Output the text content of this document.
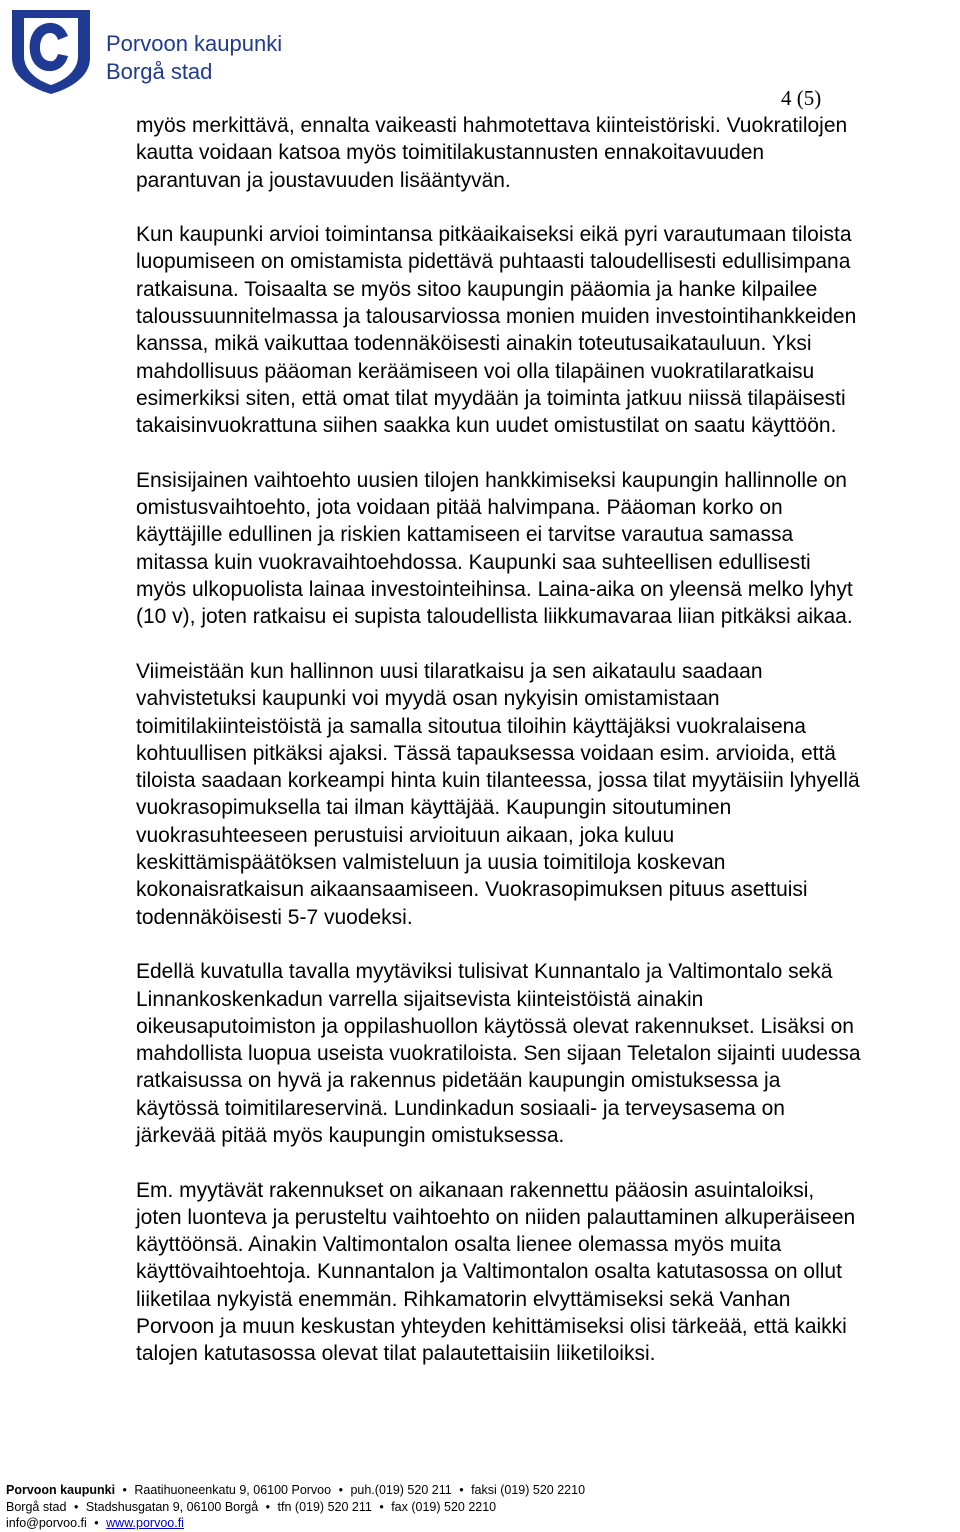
Porvoon kaupunki
Borgå stad
4 (5)

myös merkittävä, ennalta vaikeasti hahmotettava kiinteistöriski. Vuokratilojen
kautta voidaan katsoa myös toimitilakustannusten ennakoitavuuden
parantuvan ja joustavuuden lisääntyvän.

Kun kaupunki arvioi toimintansa pitkäaikaiseksi eikä pyri varautumaan tiloista
luopumiseen on omistamista pidettävä puhtaasti taloudellisesti edullisimpana
ratkaisuna. Toisaalta se myös sitoo kaupungin pääomia ja hanke kilpailee
taloussuunnitelmassa ja talousarviossa monien muiden investointihankkeiden
kanssa, mikä vaikuttaa todennäköisesti ainakin toteutusaikatauluun. Yksi
mahdollisuus pääoman keräämiseen voi olla tilapäinen vuokratilaratkaisu
esimerkiksi siten, että omat tilat myydään ja toiminta jatkuu niissä tilapäisesti
takaisinvuokrattuna siihen saakka kun uudet omistustilat on saatu käyttöön.

Ensisijainen vaihtoehto uusien tilojen hankkimiseksi kaupungin hallinnolle on
omistusvaihtoehto, jota voidaan pitää halvimpana. Pääoman korko on
käyttäjille edullinen ja riskien kattamiseen ei tarvitse varautua samassa
mitassa kuin vuokravaihtoehdossa. Kaupunki saa suhteellisen edullisesti
myös ulkopuolista lainaa investointeihinsa. Laina-aika on yleensä melko lyhyt
(10 v), joten ratkaisu ei supista taloudellista liikkumavaraa liian pitkäksi aikaa.

Viimeistään kun hallinnon uusi tilaratkaisu ja sen aikataulu saadaan
vahvistetuksi kaupunki voi myydä osan nykyisin omistamistaan
toimitilakiinteistöistä ja samalla sitoutua tiloihin käyttäjäksi vuokralaisena
kohtuullisen pitkäksi ajaksi. Tässä tapauksessa voidaan esim. arvioida, että
tiloista saadaan korkeampi hinta kuin tilanteessa, jossa tilat myytäisiin lyhyellä
vuokrasopimuksella tai ilman käyttäjää. Kaupungin sitoutuminen
vuokrasuhteeseen perustuisi arvioituun aikaan, joka kuluu
keskittämispäätöksen valmisteluun ja uusia toimitiloja koskevan
kokonaisratkaisun aikaansaamiseen. Vuokrasopimuksen pituus asettuisi
todennäköisesti 5-7 vuodeksi.

Edellä kuvatulla tavalla myytäviksi tulisivat Kunnantalo ja Valtimontalo sekä
Linnankoskenkadun varrella sijaitsevista kiinteistöistä ainakin
oikeusaputoimiston ja oppilashuollon käytössä olevat rakennukset. Lisäksi on
mahdollista luopua useista vuokratiloista. Sen sijaan Teletalon sijainti uudessa
ratkaisussa on hyvä ja rakennus pidetään kaupungin omistuksessa ja
käytössä toimitilareservinä. Lundinkadun sosiaali- ja terveysasema on
järkevää pitää myös kaupungin omistuksessa.

Em. myytävät rakennukset on aikanaan rakennettu pääosin asuintaloiksi,
joten luonteva ja perusteltu vaihtoehto on niiden palauttaminen alkuperäiseen
käyttöönsä. Ainakin Valtimontalon osalta lienee olemassa myös muita
käyttövaihtoehtoja. Kunnantalon ja Valtimontalon osalta katutasossa on ollut
liiketilaa nykyistä enemmän. Rihkamatorin elvyttämiseksi sekä Vanhan
Porvoon ja muun keskustan yhteyden kehittämiseksi olisi tärkeää, että kaikki
talojen katutasossa olevat tilat palautettaisiin liiketiloiksi.

Porvoon kaupunki • Raatihuoneenkatu 9, 06100 Porvoo • puh.(019) 520 211 • faksi (019) 520 2210
Borgå stad • Stadshusgatan 9, 06100 Borgå • tfn (019) 520 211 • fax (019) 520 2210
info@porvoo.fi • www.porvoo.fi
